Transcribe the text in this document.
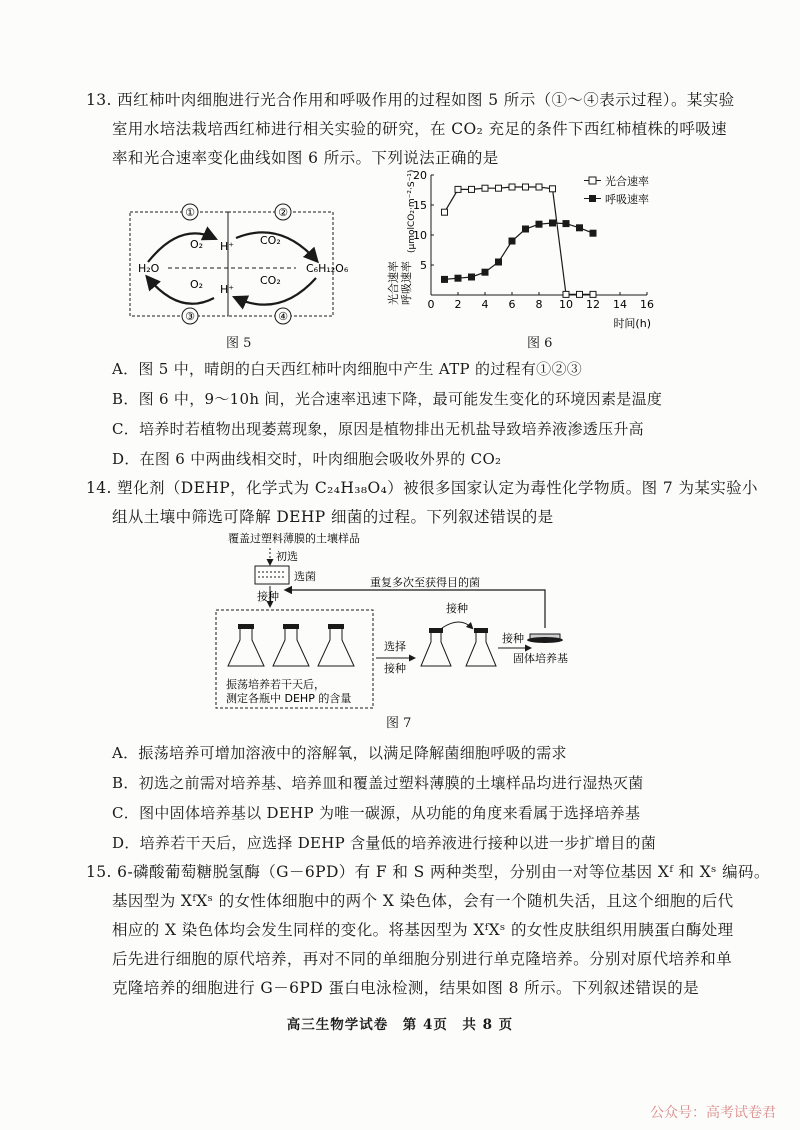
13. 西红柿叶肉细胞进行光合作用和呼吸作用的过程如图 5 所示（①～④表示过程）。某实验
室用水培法栽培西红柿进行相关实验的研究，在 CO₂ 充足的条件下西红柿植株的呼吸速
率和光合速率变化曲线如图 6 所示。下列说法正确的是
①	②
③	④
O₂ H⁺ CO₂
O₂ H⁺
CO₂
H₂O	C₆H₁₂O₆
图 5
0 2 4 6 8 10 12 14 16
5
10
15
20
光合速率 呼吸速率
(μmolCO₂·m⁻²·S⁻¹)
时间(h)
光合速率
呼吸速率
图 6
A．图 5 中，晴朗的白天西红柿叶肉细胞中产生 ATP 的过程有①②③
B．图 6 中，9～10h 间，光合速率迅速下降，最可能发生变化的环境因素是温度
C．培养时若植物出现萎蔫现象，原因是植物排出无机盐导致培养液渗透压升高
D．在图 6 中两曲线相交时，叶肉细胞会吸收外界的 CO₂
14. 塑化剂（DEHP，化学式为 C₂₄H₃₈O₄）被很多国家认定为毒性化学物质。图 7 为某实验小
组从土壤中筛选可降解 DEHP 细菌的过程。下列叙述错误的是
覆盖过塑料薄膜的土壤样品
初选
选菌
接种
重复多次至获得目的菌
振荡培养若干天后，
测定各瓶中 DEHP 的含量
选择
接种
接种
接种
固体培养基
图 7
A．振荡培养可增加溶液中的溶解氧，以满足降解菌细胞呼吸的需求
B．初选之前需对培养基、培养皿和覆盖过塑料薄膜的土壤样品均进行湿热灭菌
C．图中固体培养基以 DEHP 为唯一碳源，从功能的角度来看属于选择培养基
D．培养若干天后，应选择 DEHP 含量低的培养液进行接种以进一步扩增目的菌
15. 6-磷酸葡萄糖脱氢酶（G－6PD）有 F 和 S 两种类型，分别由一对等位基因 Xᶠ 和 Xˢ 编码。
基因型为 XᶠXˢ 的女性体细胞中的两个 X 染色体，会有一个随机失活，且这个细胞的后代
相应的 X 染色体均会发生同样的变化。将基因型为 XᶠXˢ 的女性皮肤组织用胰蛋白酶处理
后先进行细胞的原代培养，再对不同的单细胞分别进行单克隆培养。分别对原代培养和单
克隆培养的细胞进行 G－6PD 蛋白电泳检测，结果如图 8 所示。下列叙述错误的是
高三生物学试卷　第 4页　共 8 页
公众号：高考试卷君
